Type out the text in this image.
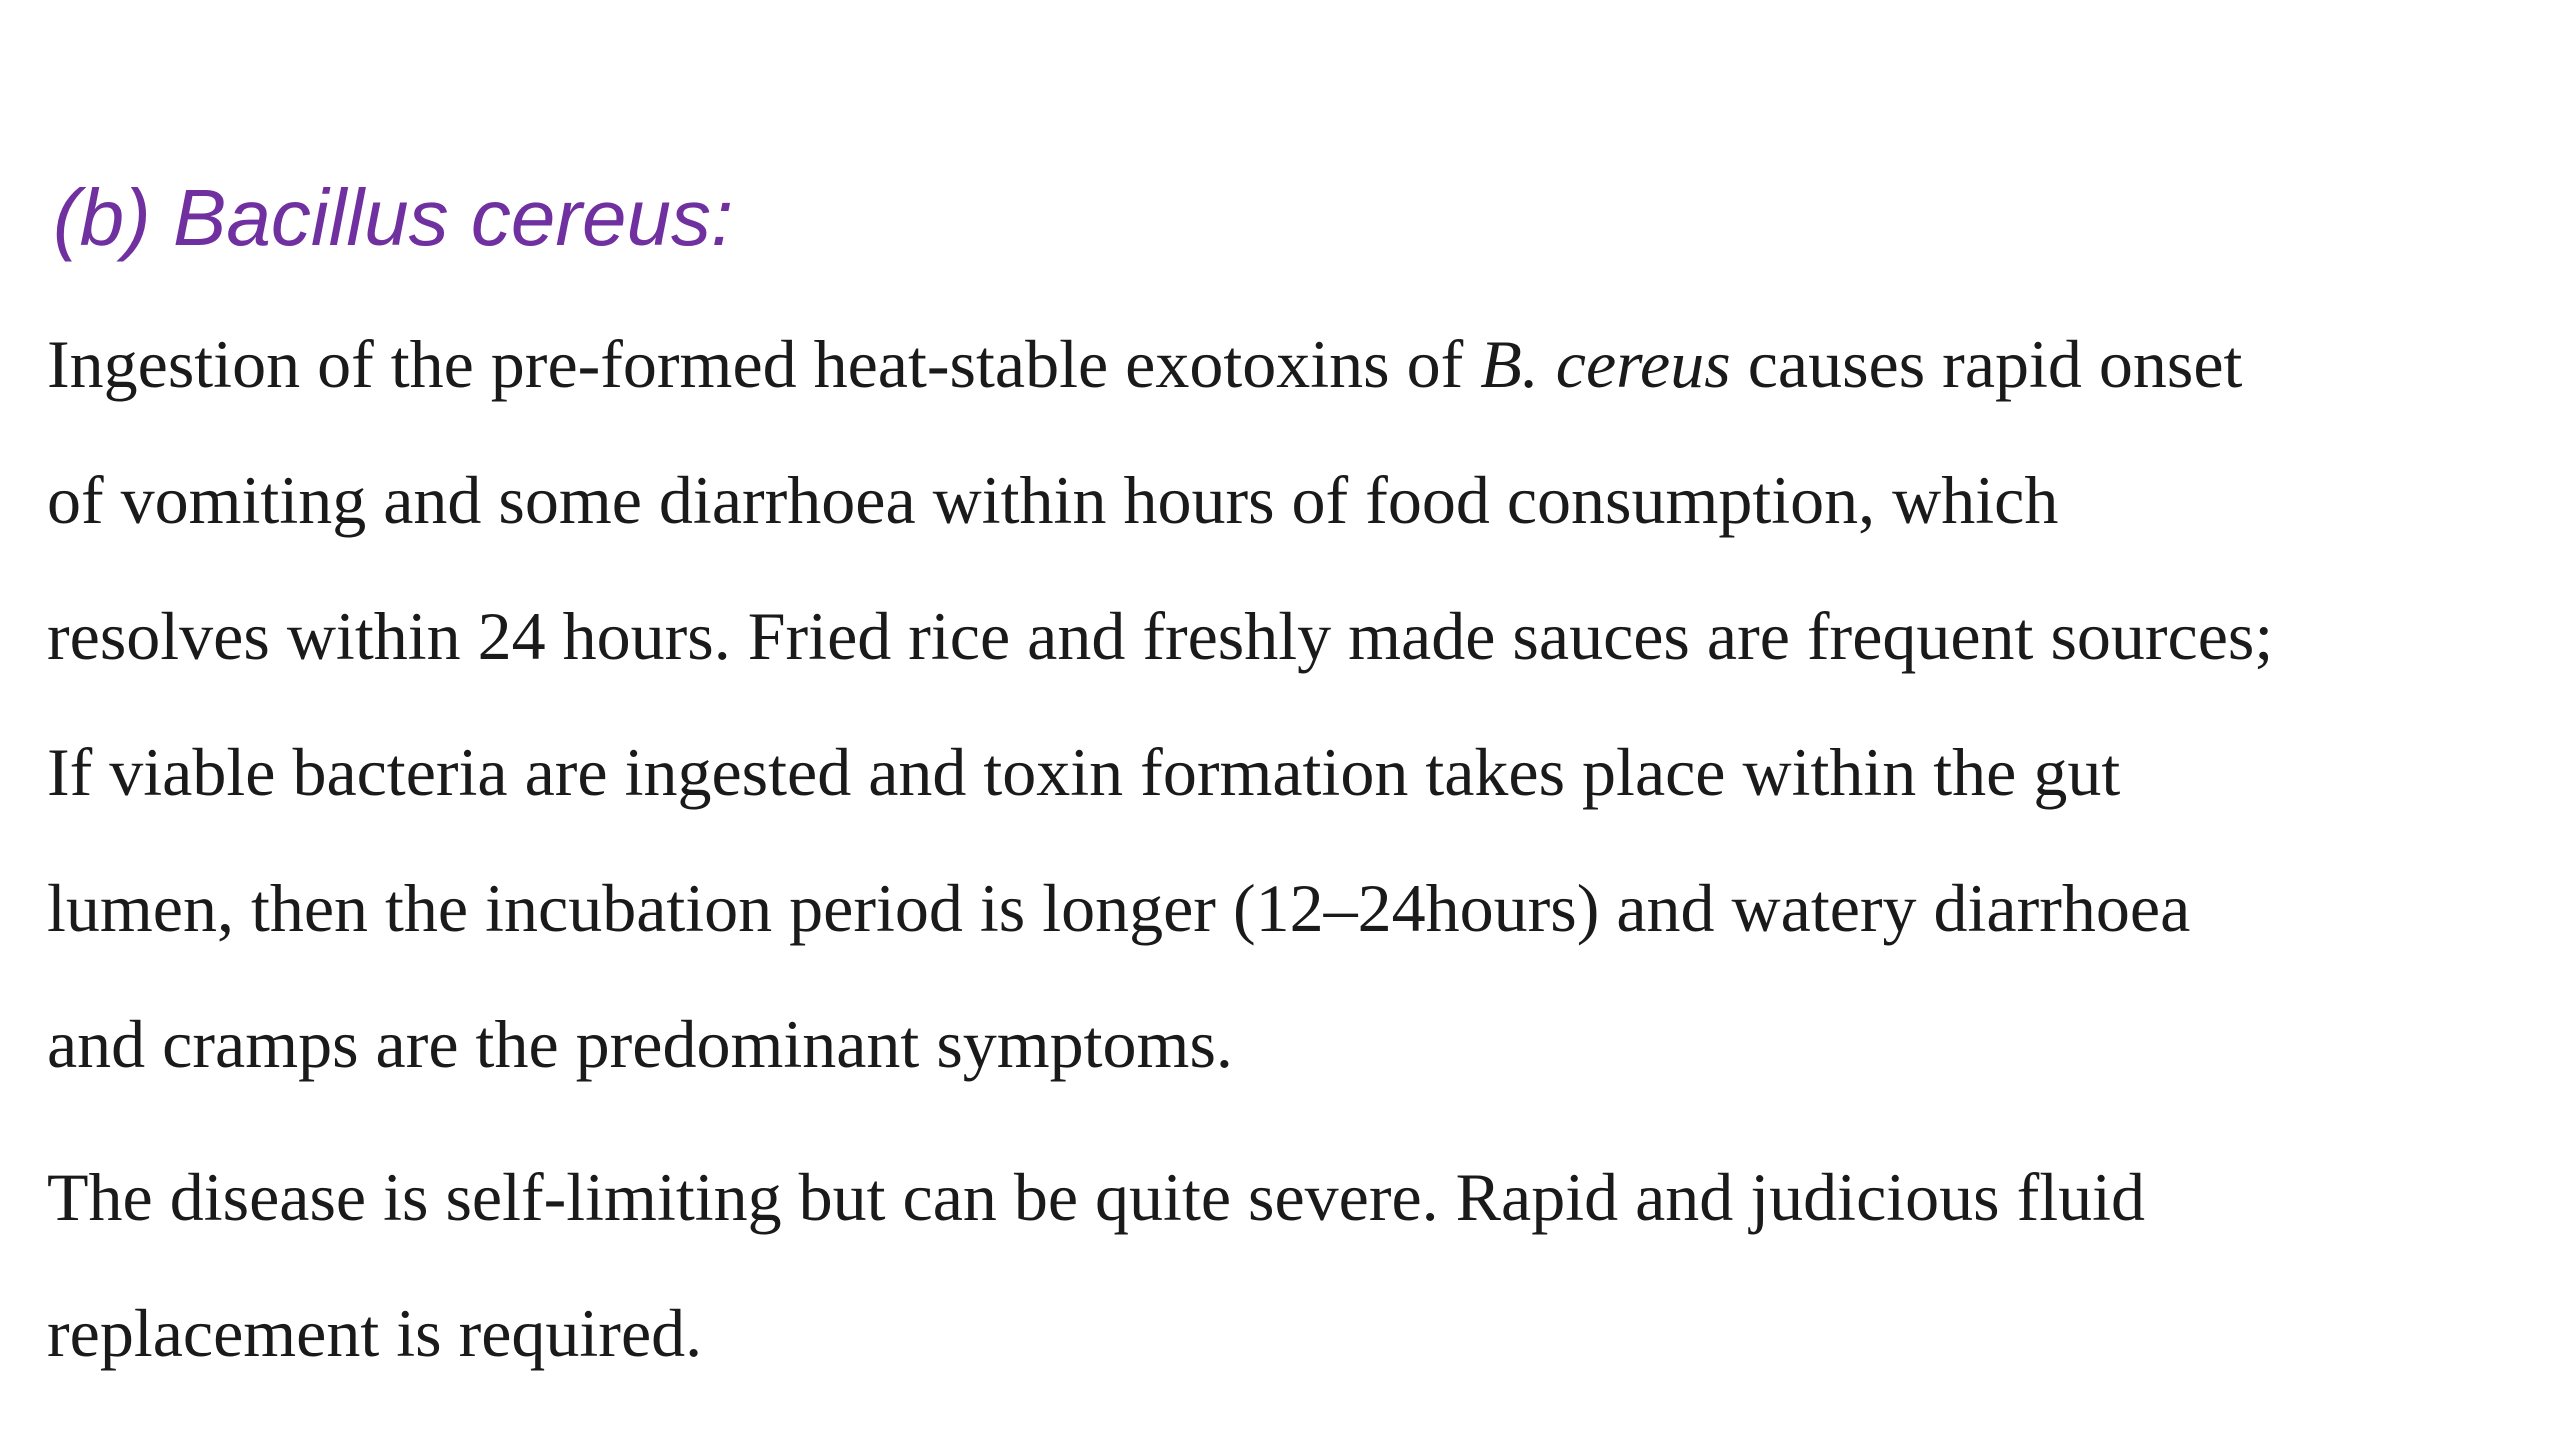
(b) Bacillus cereus:

Ingestion of the pre-formed heat-stable exotoxins of B. cereus causes rapid onset
of vomiting and some diarrhoea within hours of food consumption, which
resolves within 24 hours. Fried rice and freshly made sauces are frequent sources;
If viable bacteria are ingested and toxin formation takes place within the gut
lumen, then the incubation period is longer (12–24hours) and watery diarrhoea
and cramps are the predominant symptoms.

The disease is self-limiting but can be quite severe. Rapid and judicious fluid
replacement is required.
